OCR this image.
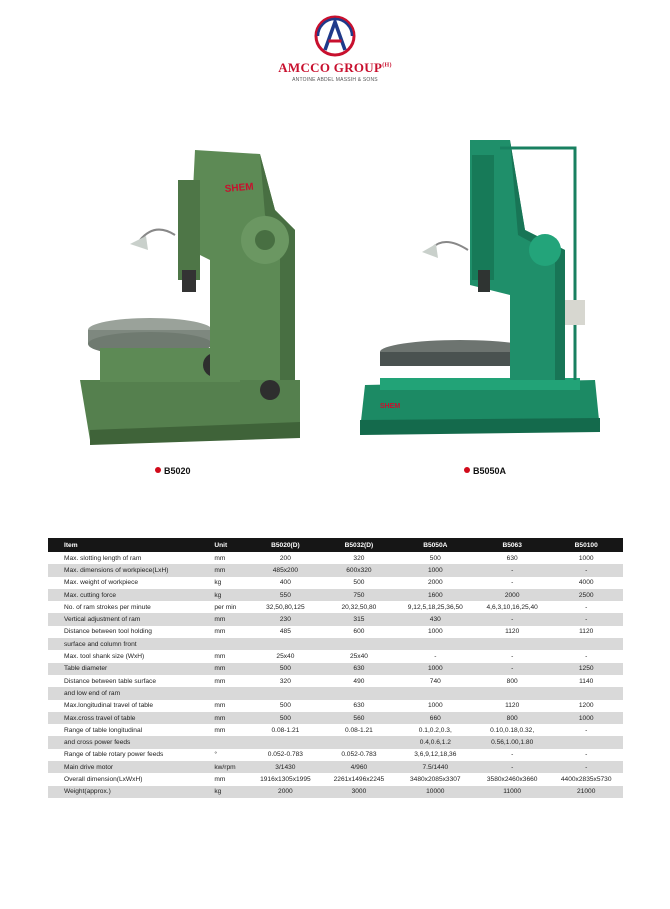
AMCCO $GROUP^{(H)}$
ANTOINE ABDEL MASSIH & SONS
SHEM
B5020
SHEM
B5050A
Item	Unit	B5020(D)	B5032(D)	B5050A	B5063	B50100
Max. slotting length of ram	mm	200	320	500	630	1000
Max. dimensions of workpiece(LxH)	mm	485x200	600x320	1000	-	-
Max. weight of workpiece	kg	400	500	2000	-	4000
Max. cutting force	kg	550	750	1600	2000	2500
No. of ram strokes per minute	per min	32,50,80,125	20,32,50,80	9,12,5,18,25,36,50	4,6,3,10,16,25,40	-
Vertical adjustment of ram	mm	230	315	430	-	-
Distance between tool holding	mm	485	600	1000	1120	1120
surface and column front						
Max. tool shank size (WxH)	mm	25x40	25x40	-	-	-
Table diameter	mm	500	630	1000	-	1250
Distance between table surface	mm	320	490	740	800	1140
and low end of ram						
Max.longitudinal travel of table	mm	500	630	1000	1120	1200
Max.cross travel of table	mm	500	560	660	800	1000
Range of table longitudinal	mm	0.08-1.21	0.08-1.21	0.1,0.2,0.3,	0.10,0.18,0.32,	-
and cross power feeds				0.4,0.6,1.2	0.56,1.00,1.80	
Range of table rotary power feeds	°	0.052-0.783	0.052-0.783	3,6,9,12,18,36	-	-
Main drive motor	kw/rpm	3/1430	4/960	7.5/1440	-	-
Overall dimension(LxWxH)	mm	1916x1305x1995	2261x1496x2245	3480x2085x3307	3580x2460x3660	4400x2835x5730
Weight(approx.)	kg	2000	3000	10000	11000	21000
